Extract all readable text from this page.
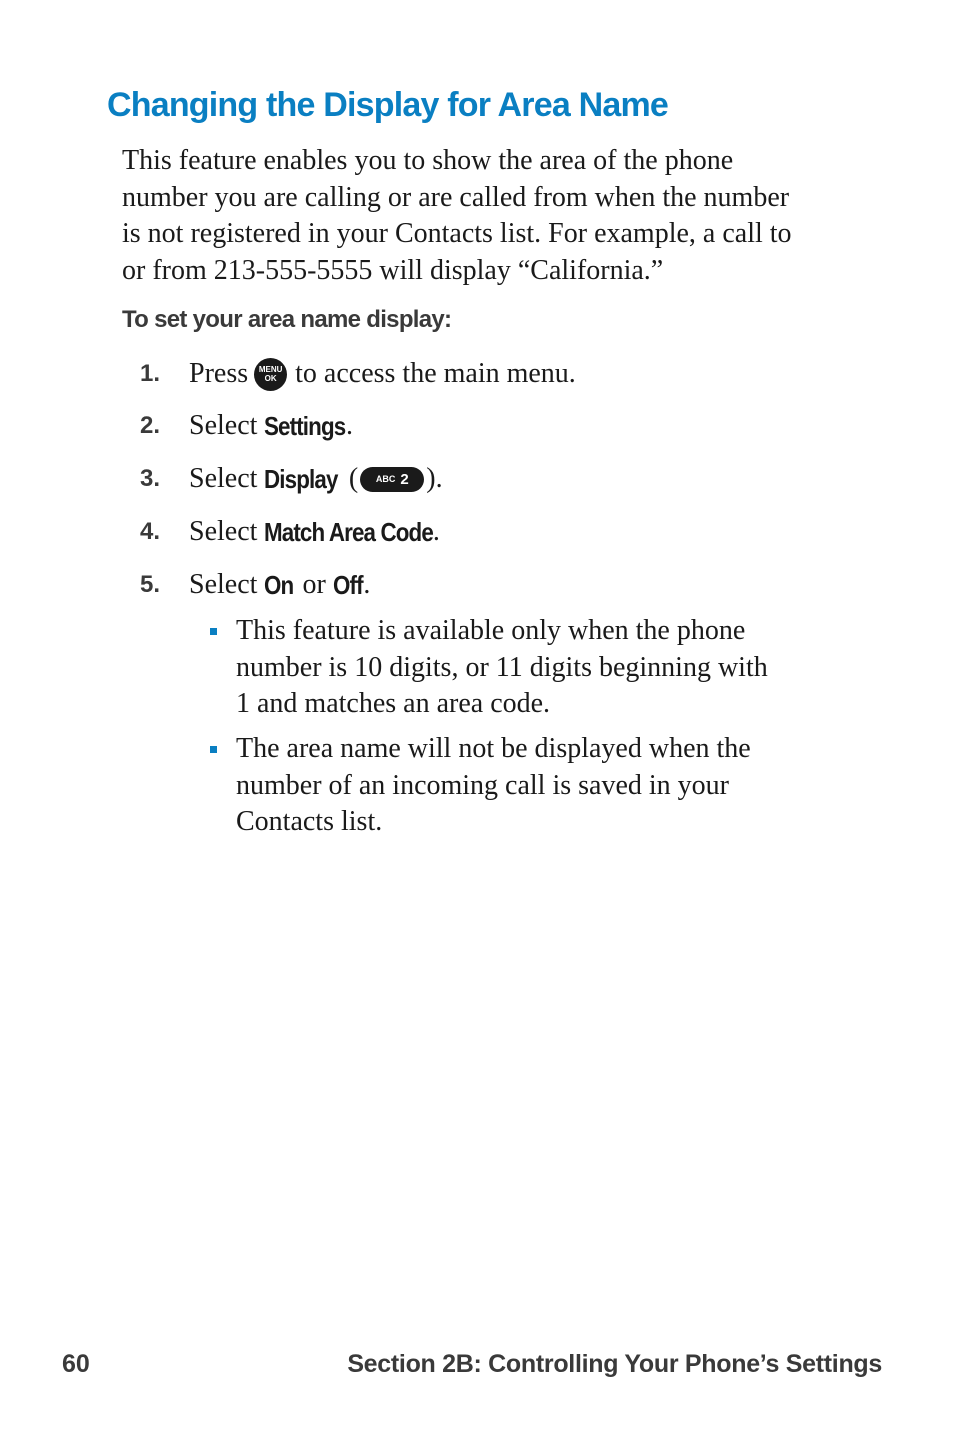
Changing the Display for Area Name

This feature enables you to show the area of the phone
number you are calling or are called from when the number
is not registered in your Contacts list. For example, a call to
or from 213-555-5555 will display “California.”

To set your area name display:
1.	Press MENU
OK to access the main menu.
2.	Select Settings .
3.	Select Display ( ABC 2 ).
4.	Select Match Area Code .
5.	Select On or Off .
This feature is available only when the phone
number is 10 digits, or 11 digits beginning with
1 and matches an area code.
The area name will not be displayed when the
number of an incoming call is saved in your
Contacts list.
60	Section 2B: Controlling Your Phone’s Settings
